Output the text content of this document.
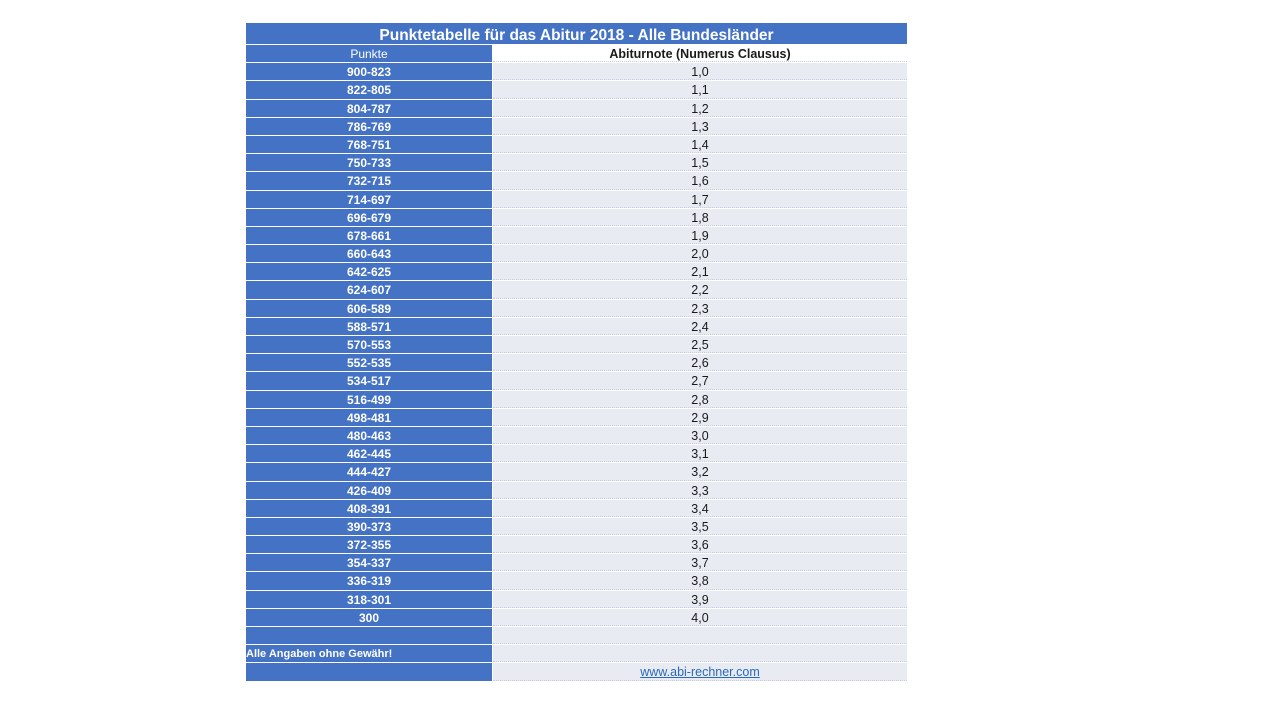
Punktetabelle für das Abitur 2018 - Alle Bundesländer
Punkte	Abiturnote (Numerus Clausus)
900-823	1,0
822-805	1,1
804-787	1,2
786-769	1,3
768-751	1,4
750-733	1,5
732-715	1,6
714-697	1,7
696-679	1,8
678-661	1,9
660-643	2,0
642-625	2,1
624-607	2,2
606-589	2,3
588-571	2,4
570-553	2,5
552-535	2,6
534-517	2,7
516-499	2,8
498-481	2,9
480-463	3,0
462-445	3,1
444-427	3,2
426-409	3,3
408-391	3,4
390-373	3,5
372-355	3,6
354-337	3,7
336-319	3,8
318-301	3,9
300	4,0
Alle Angaben ohne Gewähr!
www.abi-rechner.com
